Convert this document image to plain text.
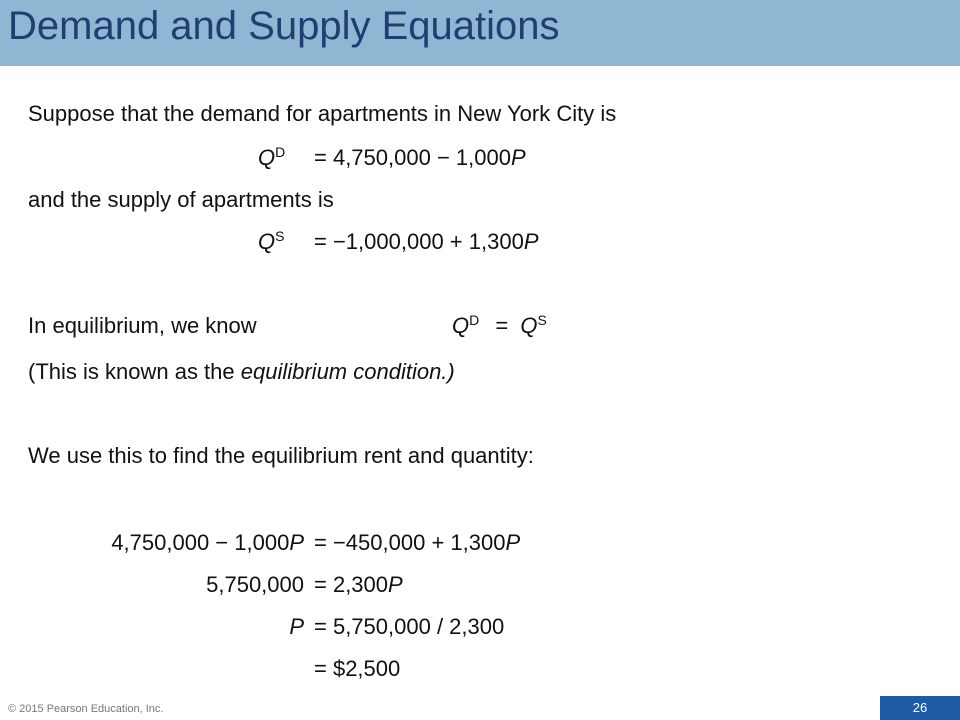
Demand and Supply Equations
Suppose that the demand for apartments in New York City is
$Q^D = 4,750,000 - 1,000P$
and the supply of apartments is
$Q^S = -1,000,000 + 1,300P$
In equilibrium, we know	$Q^D = Q^S$
(This is known as the equilibrium condition.)
We use this to find the equilibrium rent and quantity:
4,750,000 − 1,000P = −450,000 + 1,300P
5,750,000 = 2,300P
P = 5,750,000 / 2,300
= $2,500
© 2015 Pearson Education, Inc.	26
